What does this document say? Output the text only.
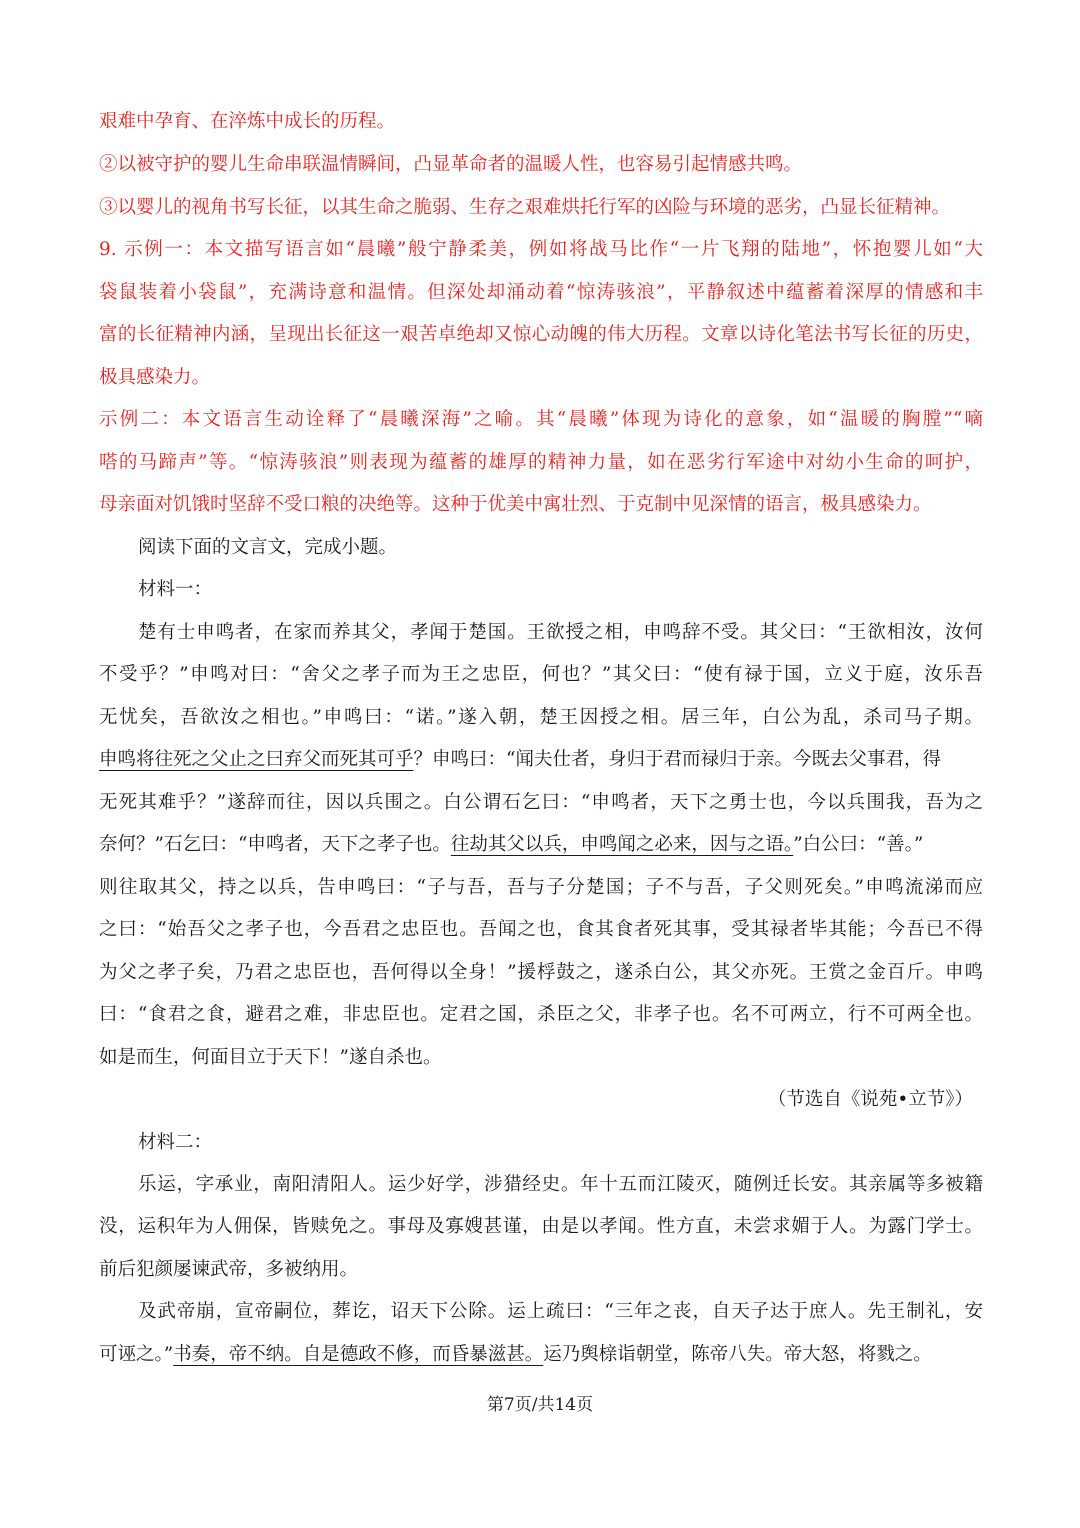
艰难中孕育、在淬炼中成长的历程。
②以被守护的婴儿生命串联温情瞬间，凸显革命者的温暖人性，也容易引起情感共鸣。
③以婴儿的视角书写长征，以其生命之脆弱、生存之艰难烘托行军的凶险与环境的恶劣，凸显长征精神。
9. 示例一：本文描写语言如“晨曦”般宁静柔美，例如将战马比作“一片飞翔的陆地”，怀抱婴儿如“大
袋鼠装着小袋鼠”，充满诗意和温情。但深处却涌动着“惊涛骇浪”，平静叙述中蕴蓄着深厚的情感和丰
富的长征精神内涵，呈现出长征这一艰苦卓绝却又惊心动魄的伟大历程。文章以诗化笔法书写长征的历史，
极具感染力。
示例二：本文语言生动诠释了“晨曦深海”之喻。其“晨曦”体现为诗化的意象，如“温暖的胸膛”“嘀
嗒的马蹄声”等。“惊涛骇浪”则表现为蕴蓄的雄厚的精神力量，如在恶劣行军途中对幼小生命的呵护，
母亲面对饥饿时坚辞不受口粮的决绝等。这种于优美中寓壮烈、于克制中见深情的语言，极具感染力。
阅读下面的文言文，完成小题。
材料一：
楚有士申鸣者，在家而养其父，孝闻于楚国。王欲授之相，申鸣辞不受。其父曰：“王欲相汝，汝何
不受乎？”申鸣对曰：“舍父之孝子而为王之忠臣，何也？”其父曰：“使有禄于国，立义于庭，汝乐吾
无忧矣，吾欲汝之相也。”申鸣曰：“诺。”遂入朝，楚王因授之相。居三年，白公为乱，杀司马子期。
申鸣将往死之父止之曰弃父而死其可乎？申鸣曰：“闻夫仕者，身归于君而禄归于亲。今既去父事君，得
无死其难乎？”遂辞而往，因以兵围之。白公谓石乞曰：“申鸣者，天下之勇士也，今以兵围我，吾为之
奈何？”石乞曰：“申鸣者，天下之孝子也。往劫其父以兵，申鸣闻之必来，因与之语。”白公曰：“善。”
则往取其父，持之以兵，告申鸣曰：“子与吾，吾与子分楚国；子不与吾，子父则死矣。”申鸣流涕而应
之曰：“始吾父之孝子也，今吾君之忠臣也。吾闻之也，食其食者死其事，受其禄者毕其能；今吾已不得
为父之孝子矣，乃君之忠臣也，吾何得以全身！”援桴鼓之，遂杀白公，其父亦死。王赏之金百斤。申鸣
曰：“食君之食，避君之难，非忠臣也。定君之国，杀臣之父，非孝子也。名不可两立，行不可两全也。
如是而生，何面目立于天下！”遂自杀也。
（节选自《说苑•立节》）
材料二：
乐运，字承业，南阳清阳人。运少好学，涉猎经史。年十五而江陵灭，随例迁长安。其亲属等多被籍
没，运积年为人佣保，皆赎免之。事母及寡嫂甚谨，由是以孝闻。性方直，未尝求媚于人。为露门学士。
前后犯颜屡谏武帝，多被纳用。
及武帝崩，宣帝嗣位，葬讫，诏天下公除。运上疏曰：“三年之丧，自天子达于庶人。先王制礼，安
可诬之。”书奏，帝不纳。自是德政不修，而昏暴滋甚。运乃舆榇诣朝堂，陈帝八失。帝大怒，将戮之。
第7页/共14页
